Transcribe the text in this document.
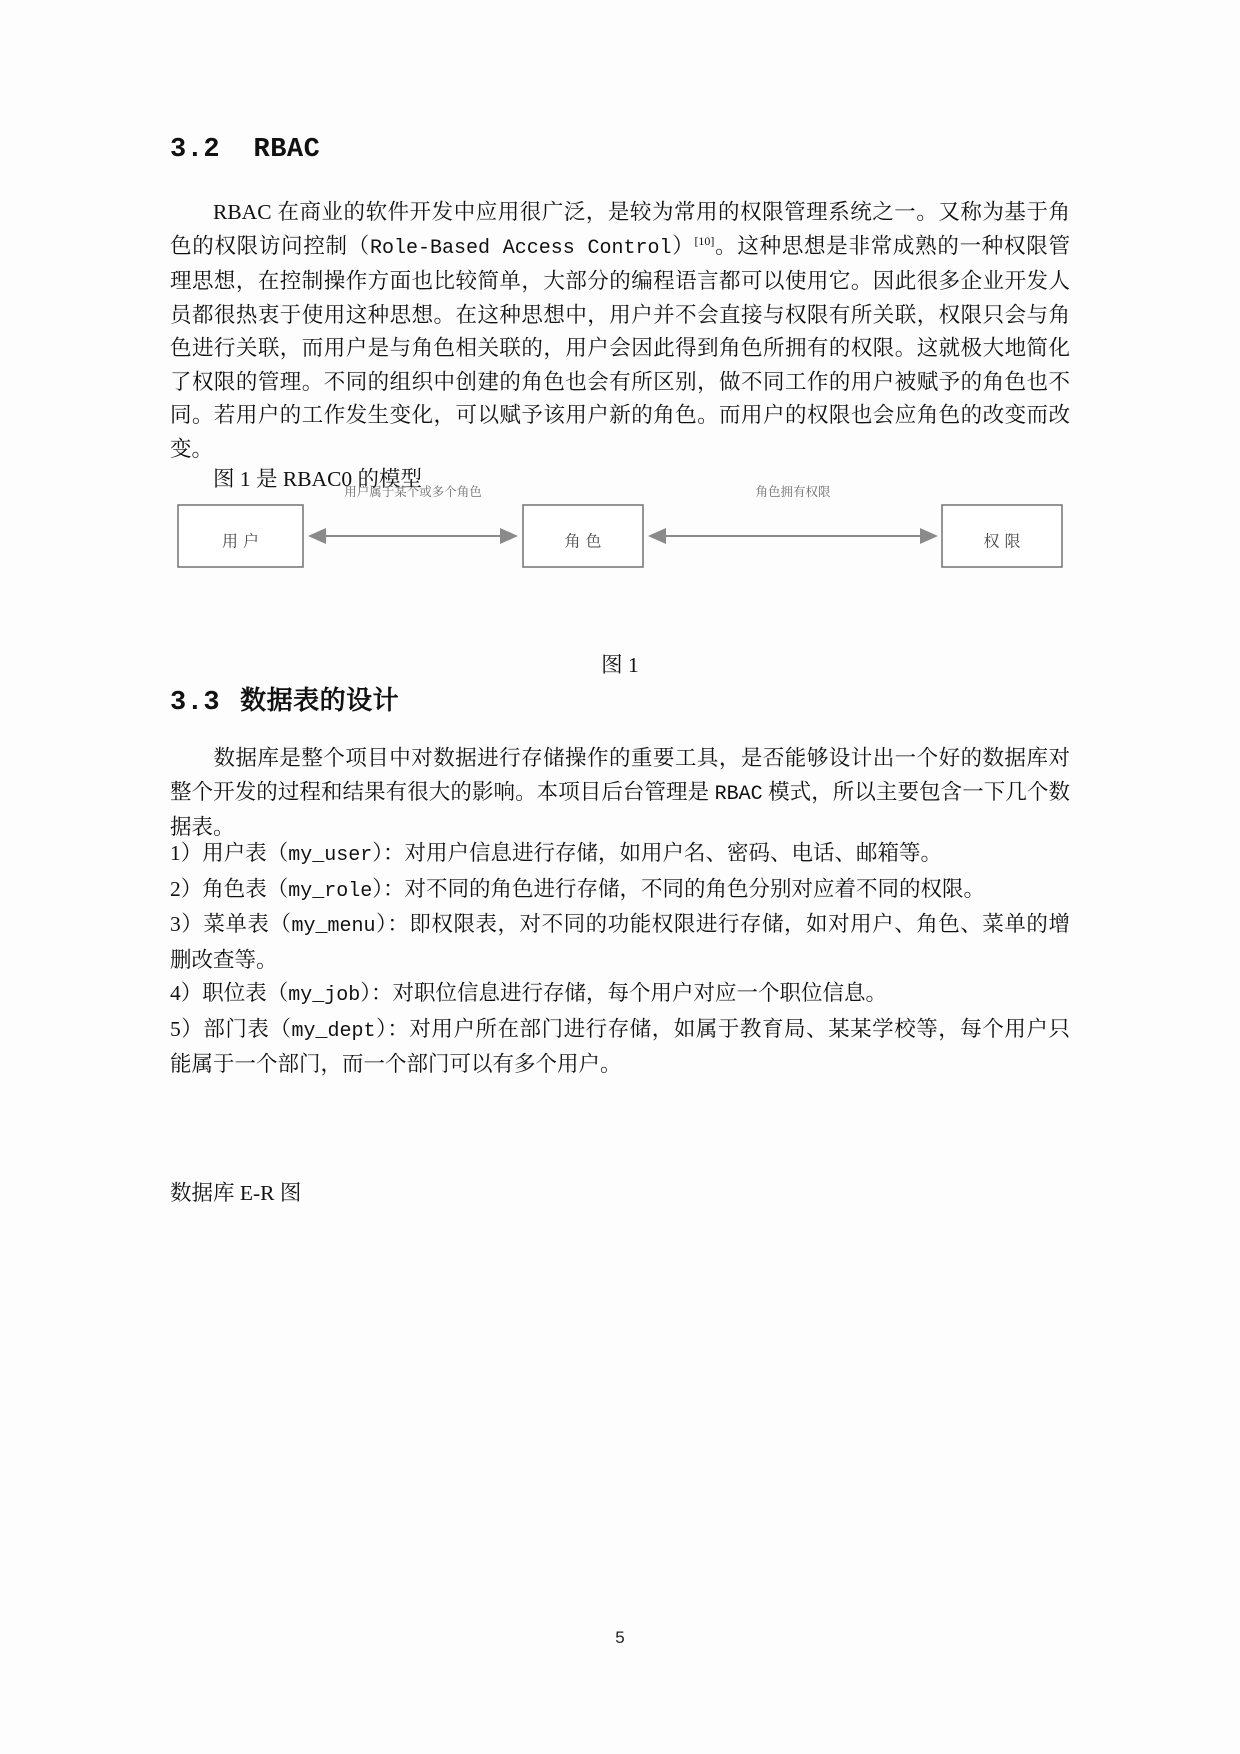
3.2  RBAC

RBAC 在商业的软件开发中应用很广泛，是较为常用的权限管理系统之一。又称为基于角色的权限访问控制（Role-Based Access Control）[10]。这种思想是非常成熟的一种权限管理思想，在控制操作方面也比较简单，大部分的编程语言都可以使用它。因此很多企业开发人员都很热衷于使用这种思想。在这种思想中，用户并不会直接与权限有所关联，权限只会与角色进行关联，而用户是与角色相关联的，用户会因此得到角色所拥有的权限。这就极大地简化了权限的管理。不同的组织中创建的角色也会有所区别，做不同工作的用户被赋予的角色也不同。若用户的工作发生变化，可以赋予该用户新的角色。而用户的权限也会应角色的改变而改变。

图 1 是 RBAC0 的模型

用 户	角 色	权 限
用户属于某个或多个角色	角色拥有权限
图 1
3.3 数据表的设计

数据库是整个项目中对数据进行存储操作的重要工具，是否能够设计出一个好的数据库对整个开发的过程和结果有很大的影响。本项目后台管理是 RBAC 模式，所以主要包含一下几个数据表。

1）用户表（my_user）：对用户信息进行存储，如用户名、密码、电话、邮箱等。

2）角色表（my_role）：对不同的角色进行存储，不同的角色分别对应着不同的权限。

3）菜单表（my_menu）：即权限表，对不同的功能权限进行存储，如对用户、角色、菜单的增删改查等。

4）职位表（my_job）：对职位信息进行存储，每个用户对应一个职位信息。

5）部门表（my_dept）：对用户所在部门进行存储，如属于教育局、某某学校等，每个用户只能属于一个部门，而一个部门可以有多个用户。

数据库 E-R 图

5
